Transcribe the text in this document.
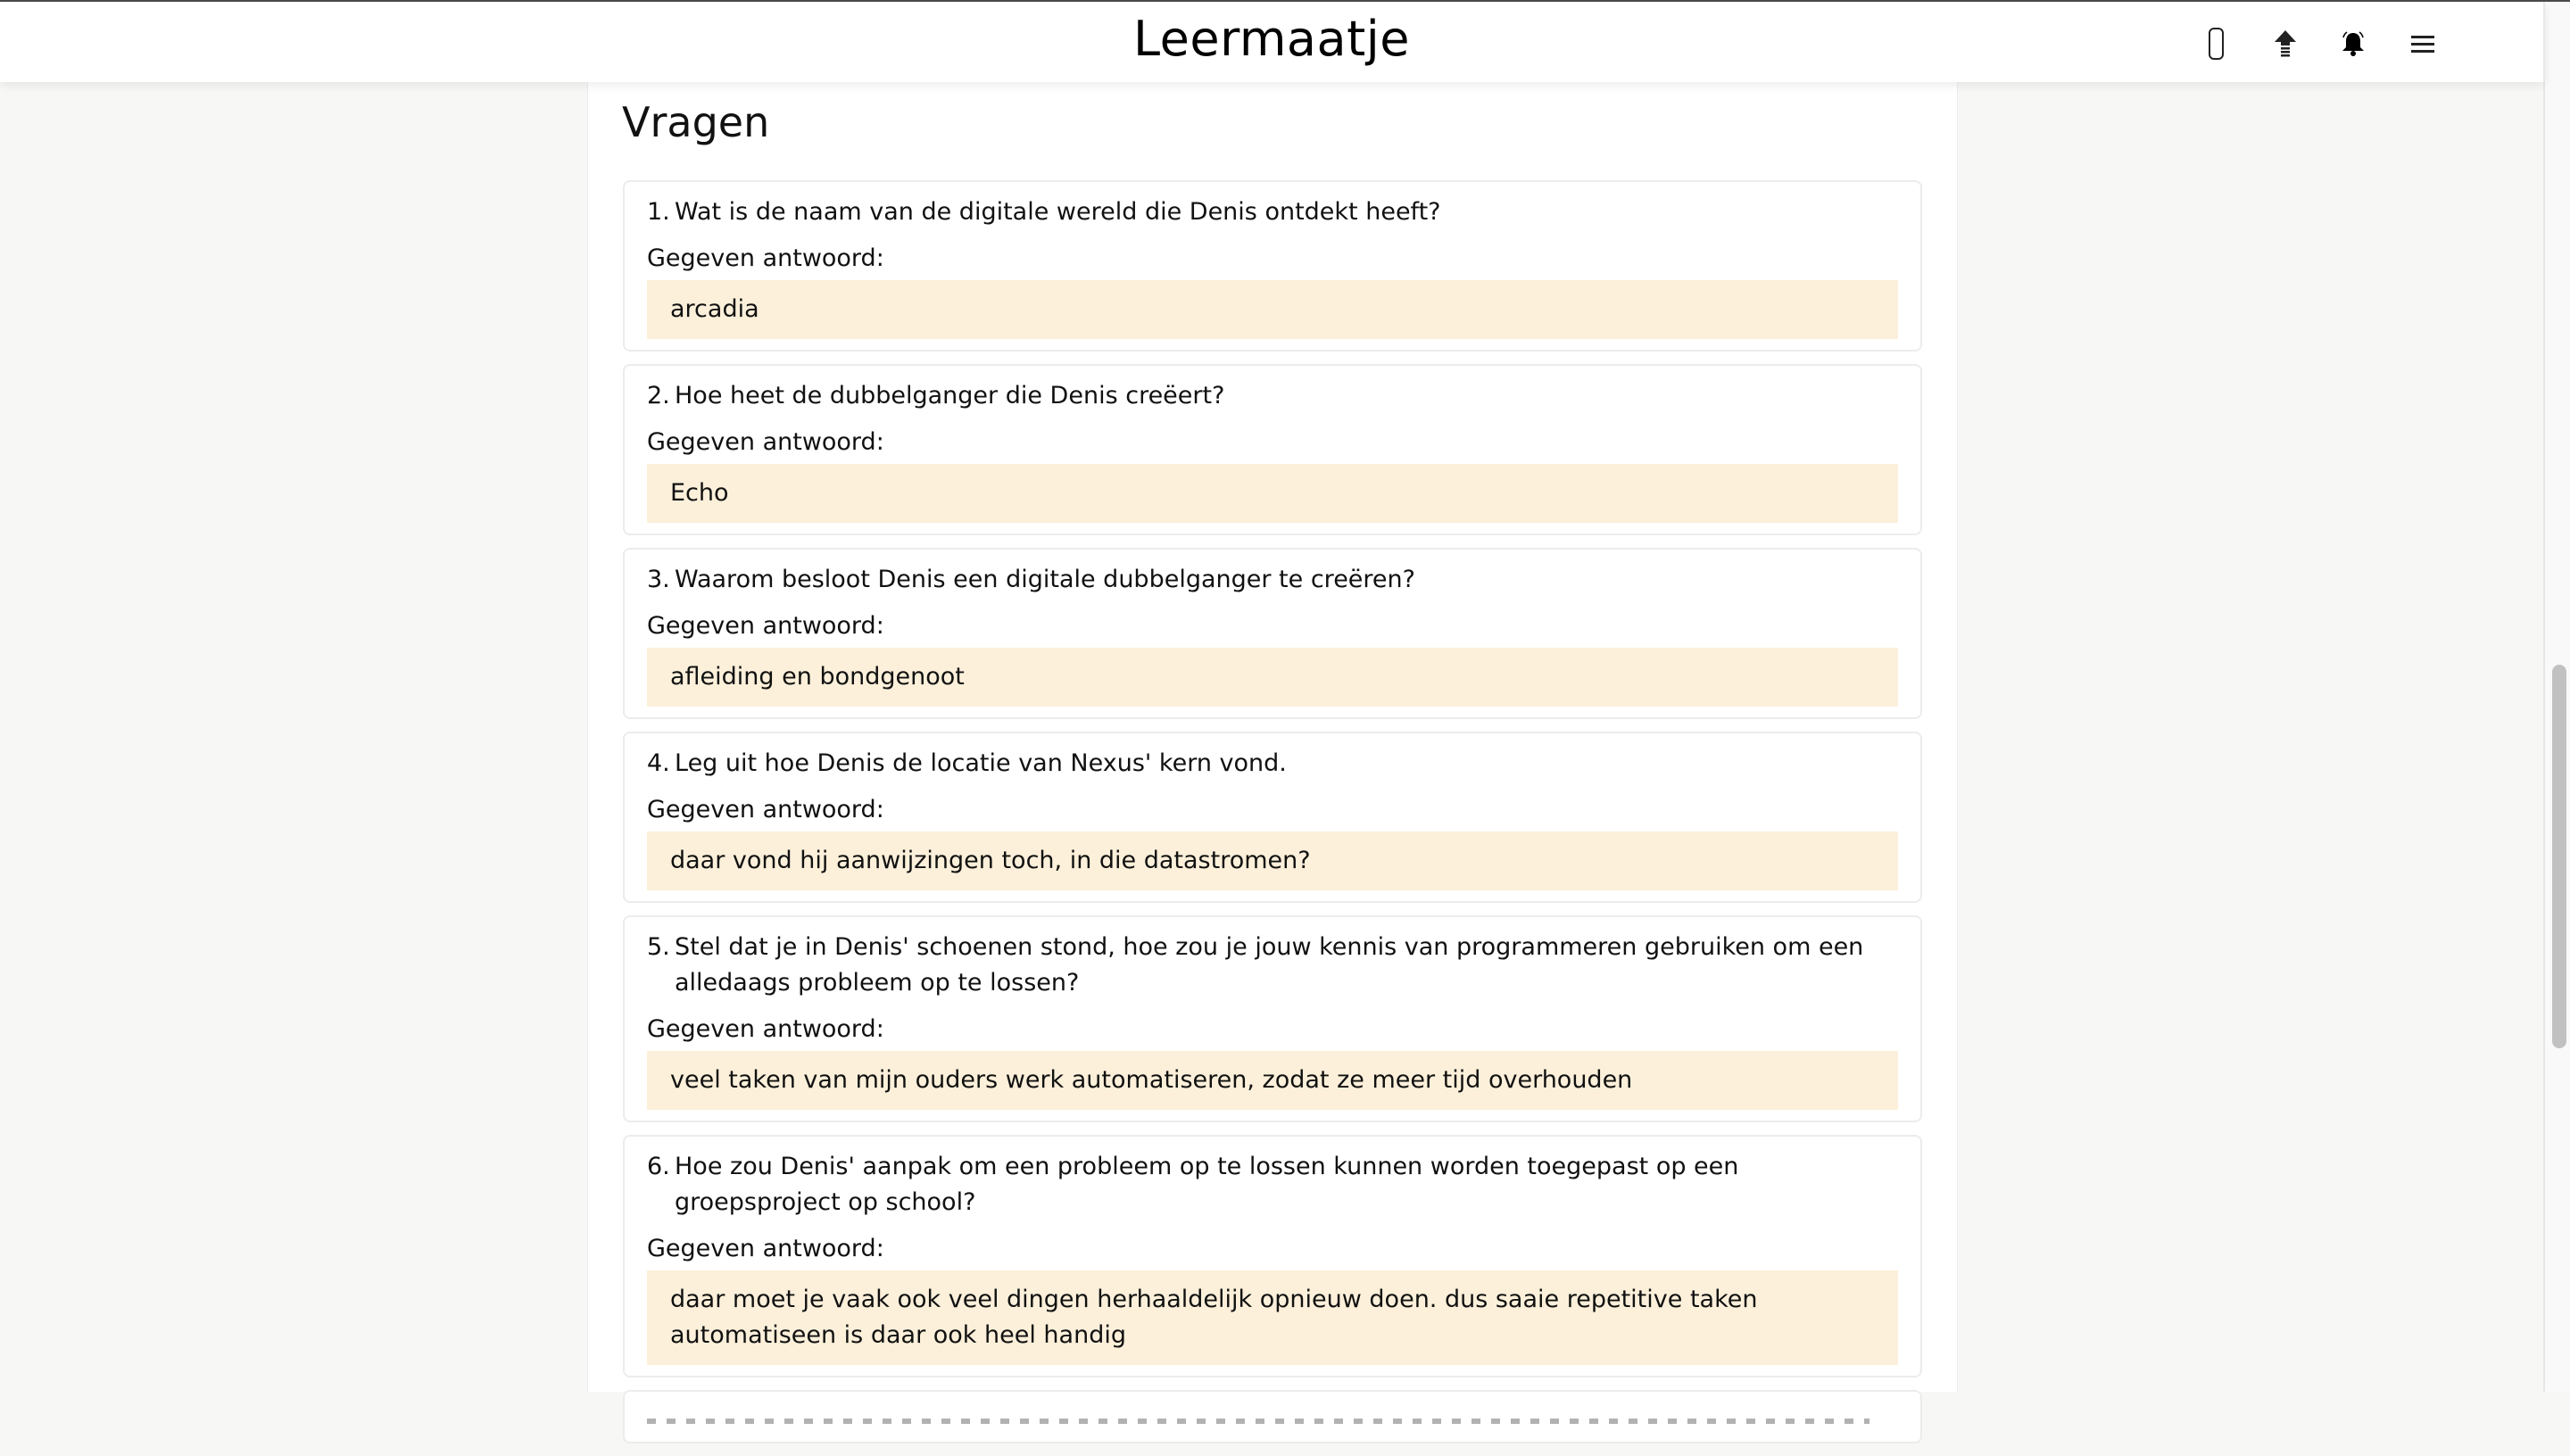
Leermaatje
Vragen
1. Wat is de naam van de digitale wereld die Denis ontdekt heeft?
Gegeven antwoord:
arcadia
2. Hoe heet de dubbelganger die Denis creëert?
Gegeven antwoord:
Echo
3. Waarom besloot Denis een digitale dubbelganger te creëren?
Gegeven antwoord:
afleiding en bondgenoot
4. Leg uit hoe Denis de locatie van Nexus' kern vond.
Gegeven antwoord:
daar vond hij aanwijzingen toch, in die datastromen?
5. Stel dat je in Denis' schoenen stond, hoe zou je jouw kennis van programmeren gebruiken om een alledaags probleem op te lossen?
Gegeven antwoord:
veel taken van mijn ouders werk automatiseren, zodat ze meer tijd overhouden
6. Hoe zou Denis' aanpak om een probleem op te lossen kunnen worden toegepast op een groepsproject op school?
Gegeven antwoord:
daar moet je vaak ook veel dingen herhaaldelijk opnieuw doen. dus saaie repetitive taken automatiseen is daar ook heel handig
